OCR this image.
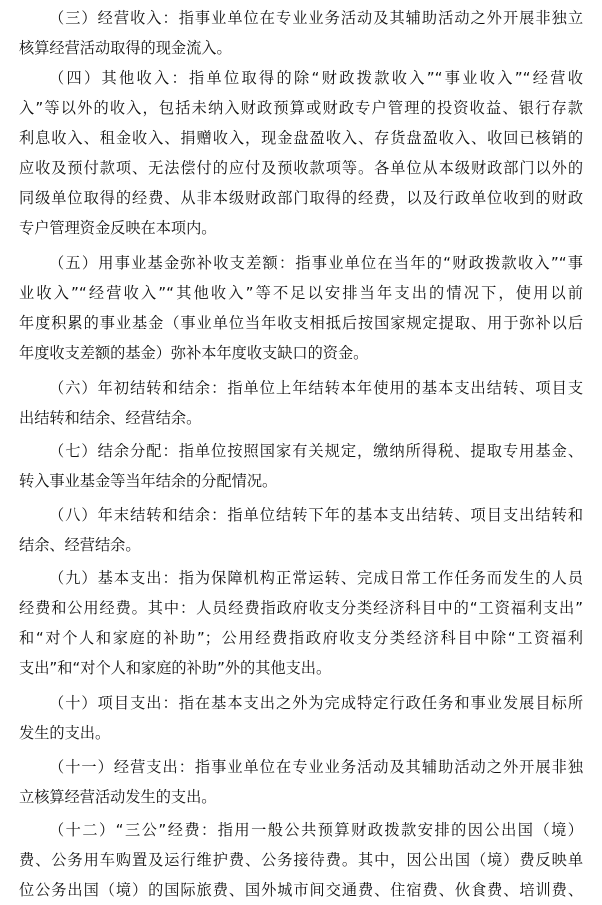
（三）经营收入：指事业单位在专业业务活动及其辅助活动之外开展非独立
核算经营活动取得的现金流入。
（四）其他收入：指单位取得的除“财政拨款收入”“事业收入”“经营收
入”等以外的收入，包括未纳入财政预算或财政专户管理的投资收益、银行存款
利息收入、租金收入、捐赠收入，现金盘盈收入、存货盘盈收入、收回已核销的
应收及预付款项、无法偿付的应付及预收款项等。各单位从本级财政部门以外的
同级单位取得的经费、从非本级财政部门取得的经费，以及行政单位收到的财政
专户管理资金反映在本项内。
（五）用事业基金弥补收支差额：指事业单位在当年的“财政拨款收入”“事
业收入”“经营收入”“其他收入”等不足以安排当年支出的情况下，使用以前
年度积累的事业基金（事业单位当年收支相抵后按国家规定提取、用于弥补以后
年度收支差额的基金）弥补本年度收支缺口的资金。
（六）年初结转和结余：指单位上年结转本年使用的基本支出结转、项目支
出结转和结余、经营结余。
（七）结余分配：指单位按照国家有关规定，缴纳所得税、提取专用基金、
转入事业基金等当年结余的分配情况。
（八）年末结转和结余：指单位结转下年的基本支出结转、项目支出结转和
结余、经营结余。
（九）基本支出：指为保障机构正常运转、完成日常工作任务而发生的人员
经费和公用经费。其中：人员经费指政府收支分类经济科目中的“工资福利支出”
和“对个人和家庭的补助”；公用经费指政府收支分类经济科目中除“工资福利
支出”和“对个人和家庭的补助”外的其他支出。
（十）项目支出：指在基本支出之外为完成特定行政任务和事业发展目标所
发生的支出。
（十一）经营支出：指事业单位在专业业务活动及其辅助活动之外开展非独
立核算经营活动发生的支出。
（十二）“三公”经费：指用一般公共预算财政拨款安排的因公出国（境）
费、公务用车购置及运行维护费、公务接待费。其中，因公出国（境）费反映单
位公务出国（境）的国际旅费、国外城市间交通费、住宿费、伙食费、培训费、
